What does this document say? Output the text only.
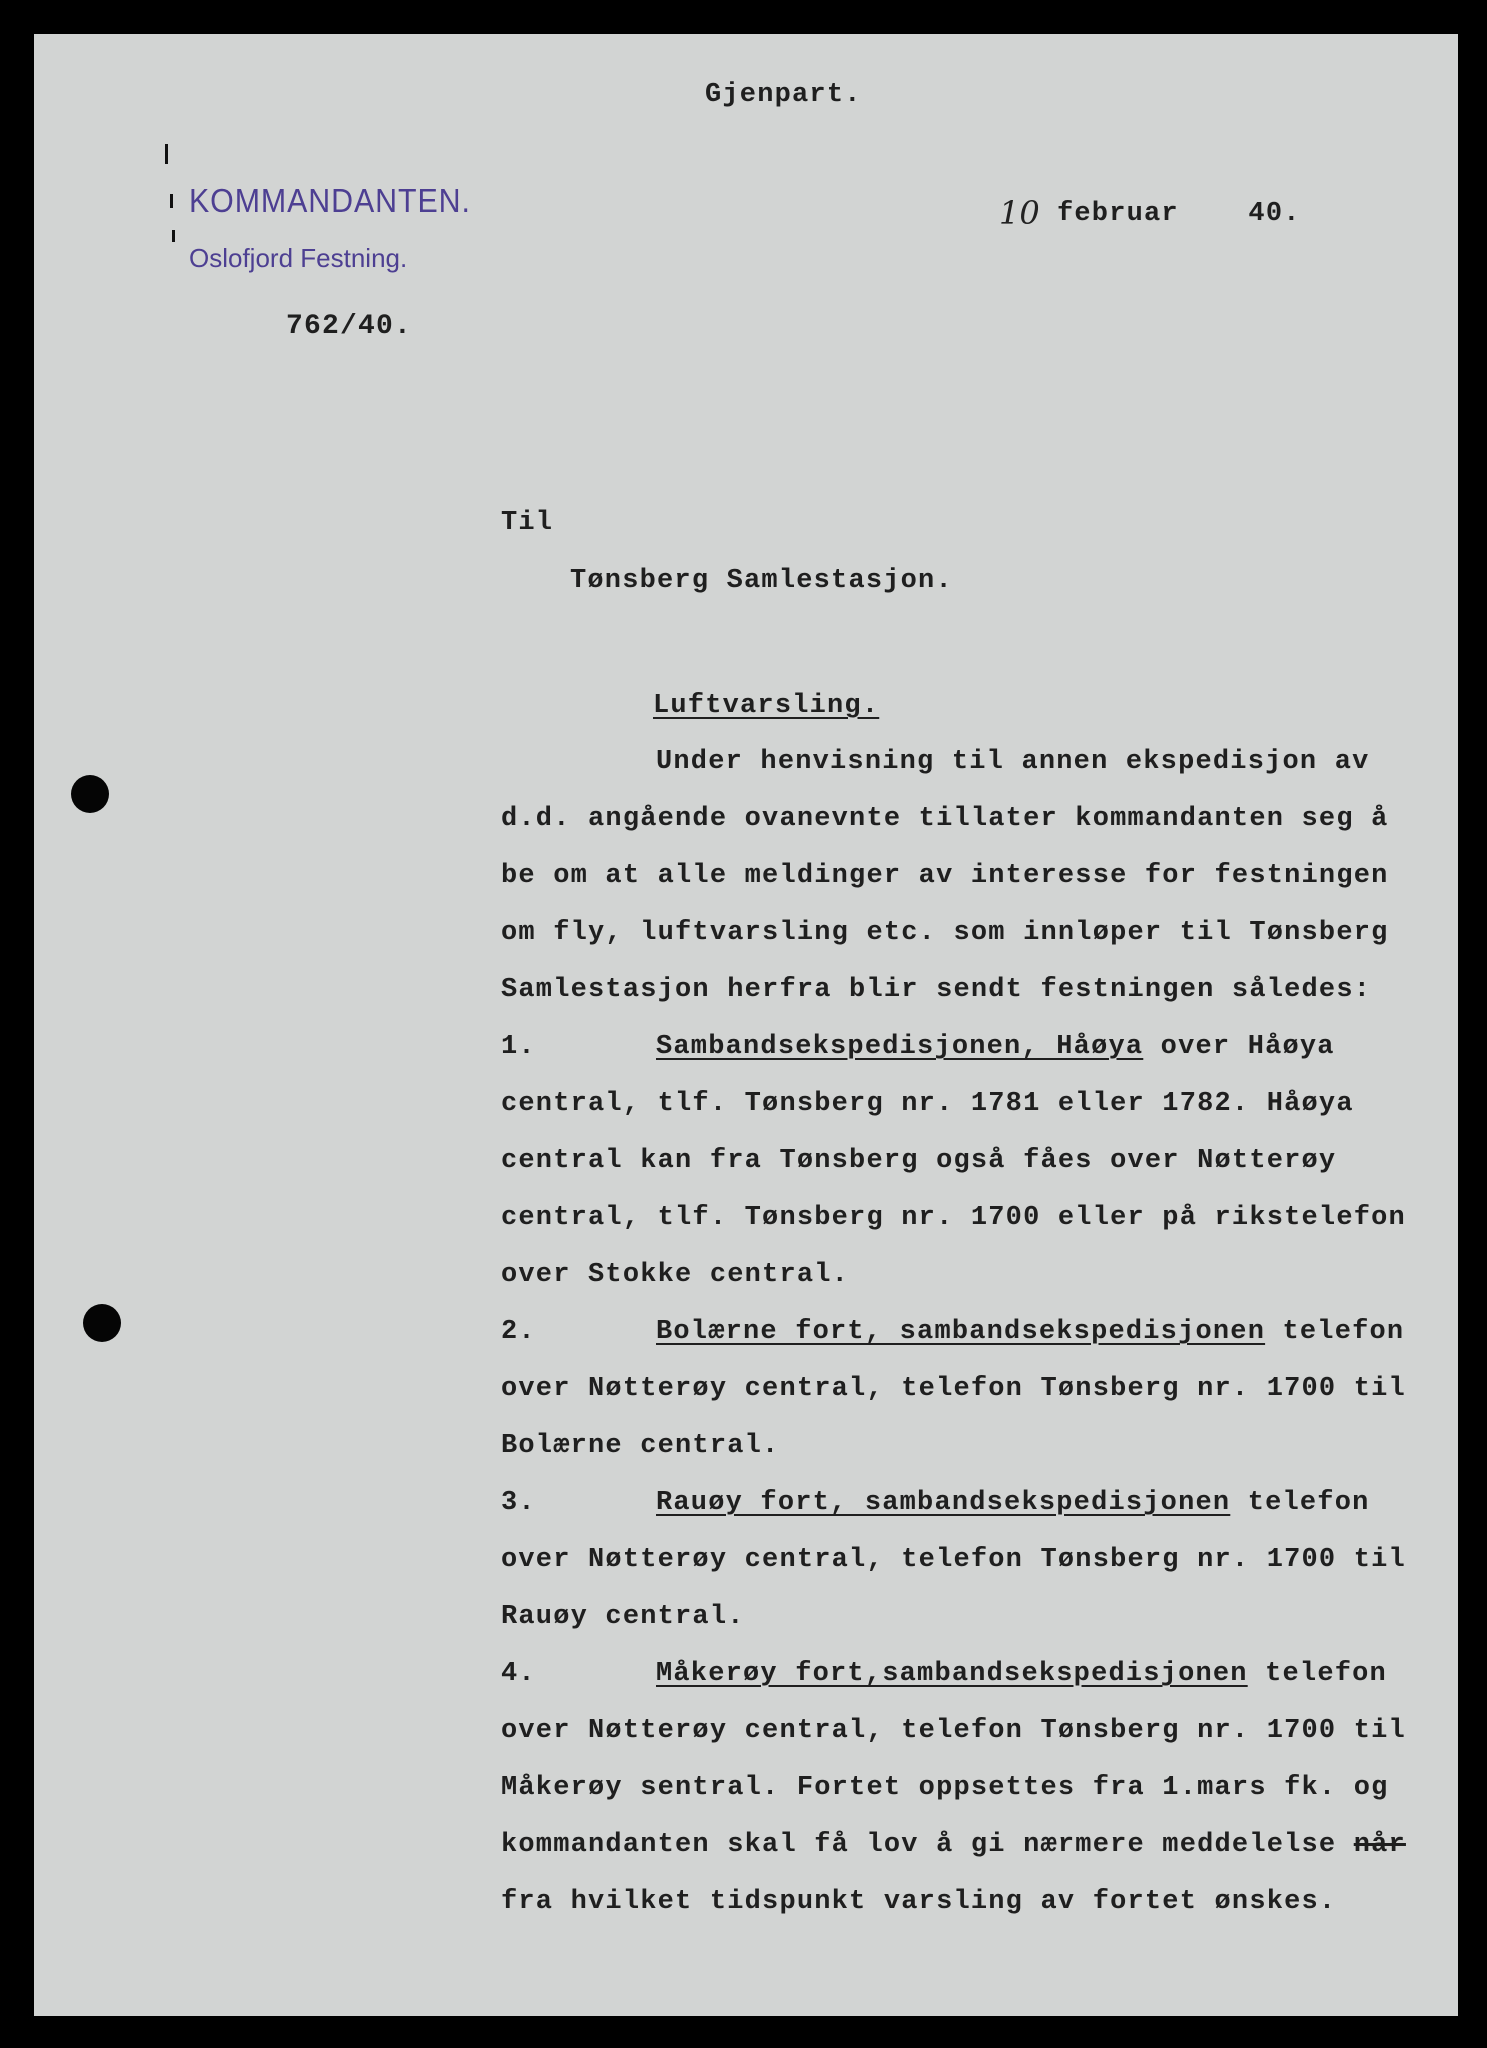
Gjenpart.
KOMMANDANTEN.
Oslofjord Festning.
762/40.
10 februar    40.
Til
Tønsberg Samlestasjon.
Luftvarsling.
Under henvisning til annen ekspedisjon av
d.d. angående ovanevnte tillater kommandanten seg å
be om at alle meldinger av interesse for festningen
om fly, luftvarsling etc. som innløper til Tønsberg
Samlestasjon herfra blir sendt festningen således:
1.	Sambandsekspedisjonen, Håøya over Håøya
central, tlf. Tønsberg nr. 1781 eller 1782. Håøya
central kan fra Tønsberg også fåes over Nøtterøy
central, tlf. Tønsberg nr. 1700 eller på rikstelefon
over Stokke central.
2.	Bolærne fort, sambandsekspedisjonen telefon
over Nøtterøy central, telefon Tønsberg nr. 1700 til
Bolærne central.
3.	Rauøy fort, sambandsekspedisjonen telefon
over Nøtterøy central, telefon Tønsberg nr. 1700 til
Rauøy central.
4.	Måkerøy fort,sambandsekspedisjonen telefon
over Nøtterøy central, telefon Tønsberg nr. 1700 til
Måkerøy sentral. Fortet oppsettes fra 1.mars fk. og
kommandanten skal få lov å gi nærmere meddelelse når
fra hvilket tidspunkt varsling av fortet ønskes.
